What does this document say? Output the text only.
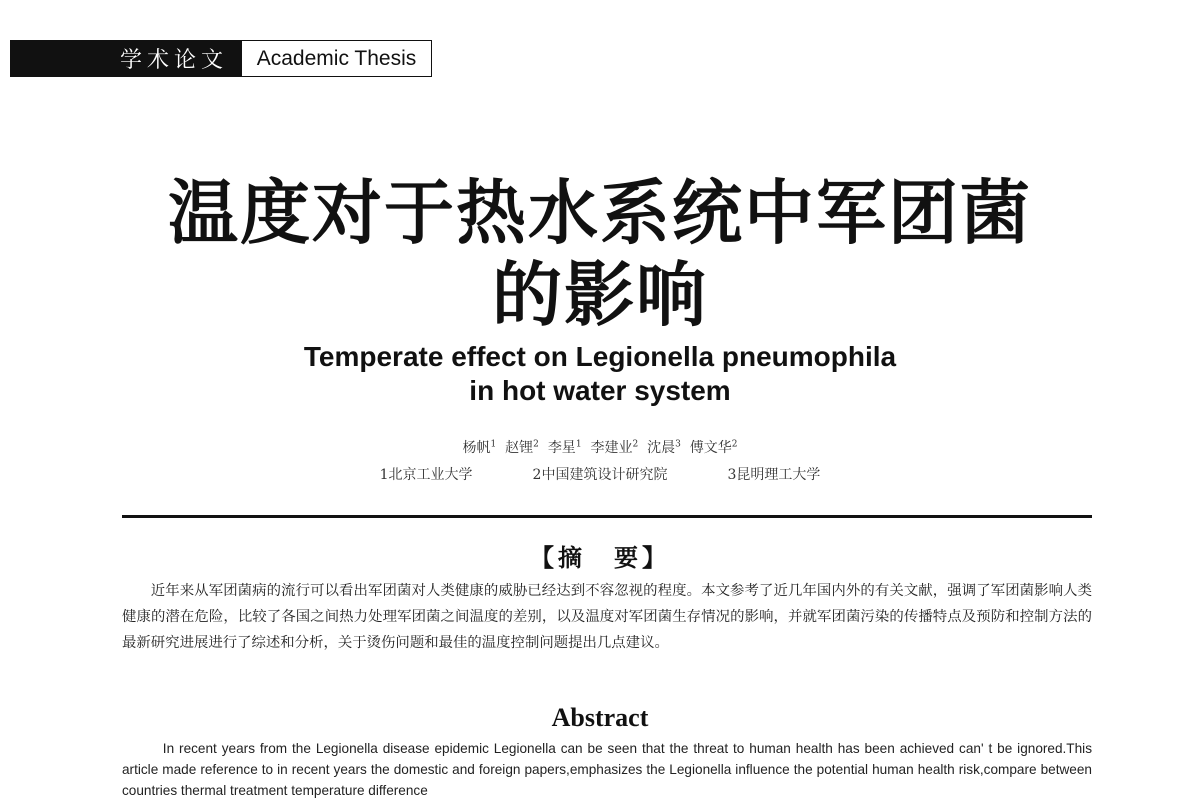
学术论文	Academic Thesis
温度对于热水系统中军团菌
的影响
Temperate effect on Legionella pneumophila
in hot water system
杨帆$^1$ 赵锂$^2$ 李星$^1$ 李建业$^2$ 沈晨$^3$ 傅文华$^2$
1北京工业大学	2中国建筑设计研究院	3昆明理工大学
【摘　要】

近年来从军团菌病的流行可以看出军团菌对人类健康的威胁已经达到不容忽视的程度。本文参考了近几年国内外的有关文献，强调了军团菌影响人类健康的潜在危险，比较了各国之间热力处理军团菌之间温度的差别，以及温度对军团菌生存情况的影响，并就军团菌污染的传播特点及预防和控制方法的最新研究进展进行了综述和分析，关于烫伤问题和最佳的温度控制问题提出几点建议。

Abstract

In recent years from the Legionella disease epidemic Legionella can be seen that the threat to human health has been achieved can' t be ignored.This article made reference to in recent years the domestic and foreign papers,emphasizes the Legionella influence the potential human health risk,compare between countries thermal treatment temperature difference
